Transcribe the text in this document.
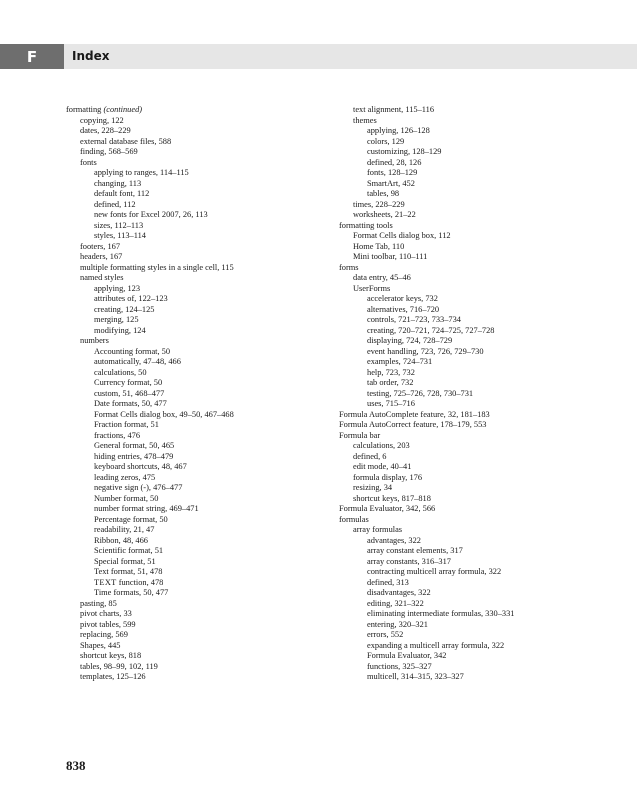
F	Index
formatting (continued)
copying, 122
dates, 228–229
external database files, 588
finding, 568–569
fonts
applying to ranges, 114–115
changing, 113
default font, 112
defined, 112
new fonts for Excel 2007, 26, 113
sizes, 112–113
styles, 113–114
footers, 167
headers, 167
multiple formatting styles in a single cell, 115
named styles
applying, 123
attributes of, 122–123
creating, 124–125
merging, 125
modifying, 124
numbers
Accounting format, 50
automatically, 47–48, 466
calculations, 50
Currency format, 50
custom, 51, 468–477
Date formats, 50, 477
Format Cells dialog box, 49–50, 467–468
Fraction format, 51
fractions, 476
General format, 50, 465
hiding entries, 478–479
keyboard shortcuts, 48, 467
leading zeros, 475
negative sign (-), 476–477
Number format, 50
number format string, 469–471
Percentage format, 50
readability, 21, 47
Ribbon, 48, 466
Scientific format, 51
Special format, 51
Text format, 51, 478
TEXT function, 478
Time formats, 50, 477
pasting, 85
pivot charts, 33
pivot tables, 599
replacing, 569
Shapes, 445
shortcut keys, 818
tables, 98–99, 102, 119
templates, 125–126
text alignment, 115–116
themes
applying, 126–128
colors, 129
customizing, 128–129
defined, 28, 126
fonts, 128–129
SmartArt, 452
tables, 98
times, 228–229
worksheets, 21–22
formatting tools
Format Cells dialog box, 112
Home Tab, 110
Mini toolbar, 110–111
forms
data entry, 45–46
UserForms
accelerator keys, 732
alternatives, 716–720
controls, 721–723, 733–734
creating, 720–721, 724–725, 727–728
displaying, 724, 728–729
event handling, 723, 726, 729–730
examples, 724–731
help, 723, 732
tab order, 732
testing, 725–726, 728, 730–731
uses, 715–716
Formula AutoComplete feature, 32, 181–183
Formula AutoCorrect feature, 178–179, 553
Formula bar
calculations, 203
defined, 6
edit mode, 40–41
formula display, 176
resizing, 34
shortcut keys, 817–818
Formula Evaluator, 342, 566
formulas
array formulas
advantages, 322
array constant elements, 317
array constants, 316–317
contracting multicell array formula, 322
defined, 313
disadvantages, 322
editing, 321–322
eliminating intermediate formulas, 330–331
entering, 320–321
errors, 552
expanding a multicell array formula, 322
Formula Evaluator, 342
functions, 325–327
multicell, 314–315, 323–327
838
